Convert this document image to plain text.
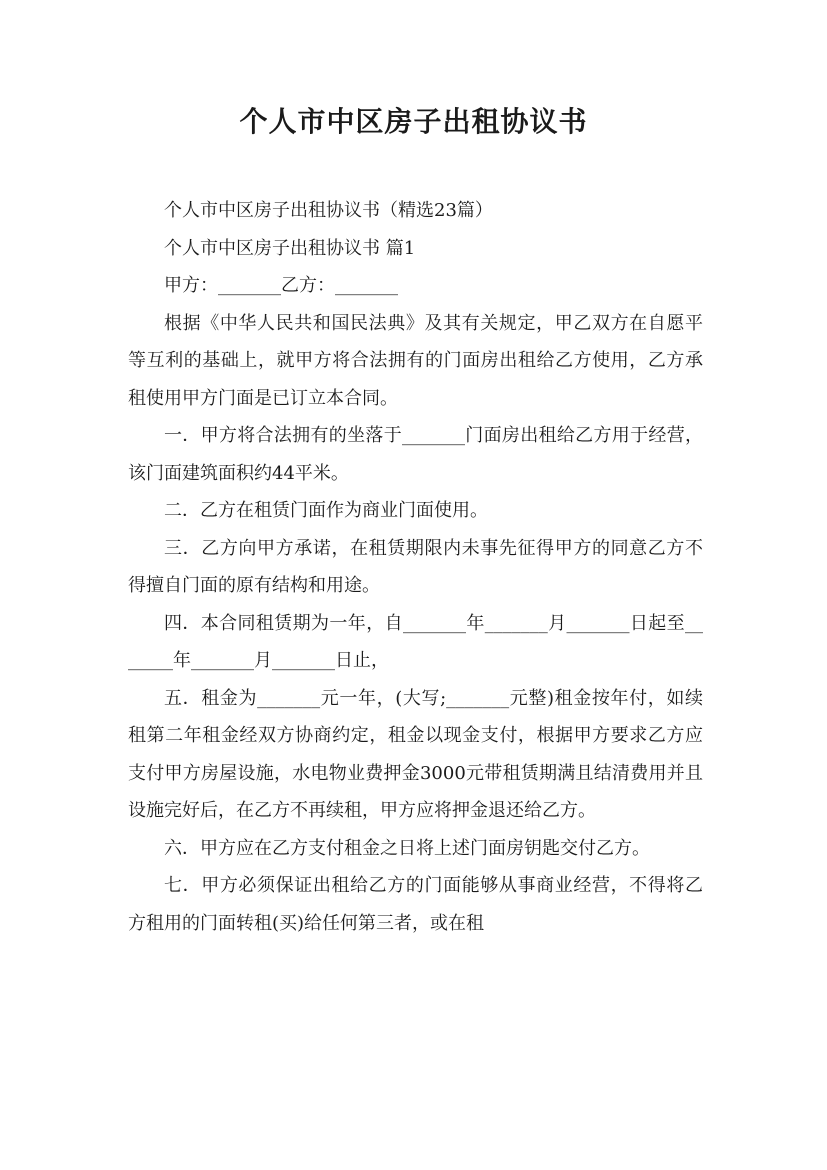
个人市中区房子出租协议书

个人市中区房子出租协议书（精选23篇）

个人市中区房子出租协议书 篇1

甲方：_______乙方：_______

根据《中华人民共和国民法典》及其有关规定，甲乙双方在自愿平等互利的基础上，就甲方将合法拥有的门面房出租给乙方使用，乙方承租使用甲方门面是已订立本合同。

一．甲方将合法拥有的坐落于_______门面房出租给乙方用于经营，该门面建筑面积约44平米。

二．乙方在租赁门面作为商业门面使用。

三．乙方向甲方承诺，在租赁期限内未事先征得甲方的同意乙方不得擅自门面的原有结构和用途。

四．本合同租赁期为一年，自_______年_______月_______日起至_______年_______月_______日止，

五．租金为_______元一年，(大写;_______元整)租金按年付，如续租第二年租金经双方协商约定，租金以现金支付，根据甲方要求乙方应支付甲方房屋设施，水电物业费押金3000元带租赁期满且结清费用并且设施完好后，在乙方不再续租，甲方应将押金退还给乙方。

六．甲方应在乙方支付租金之日将上述门面房钥匙交付乙方。

七．甲方必须保证出租给乙方的门面能够从事商业经营，不得将乙方租用的门面转租(买)给任何第三者，或在租
